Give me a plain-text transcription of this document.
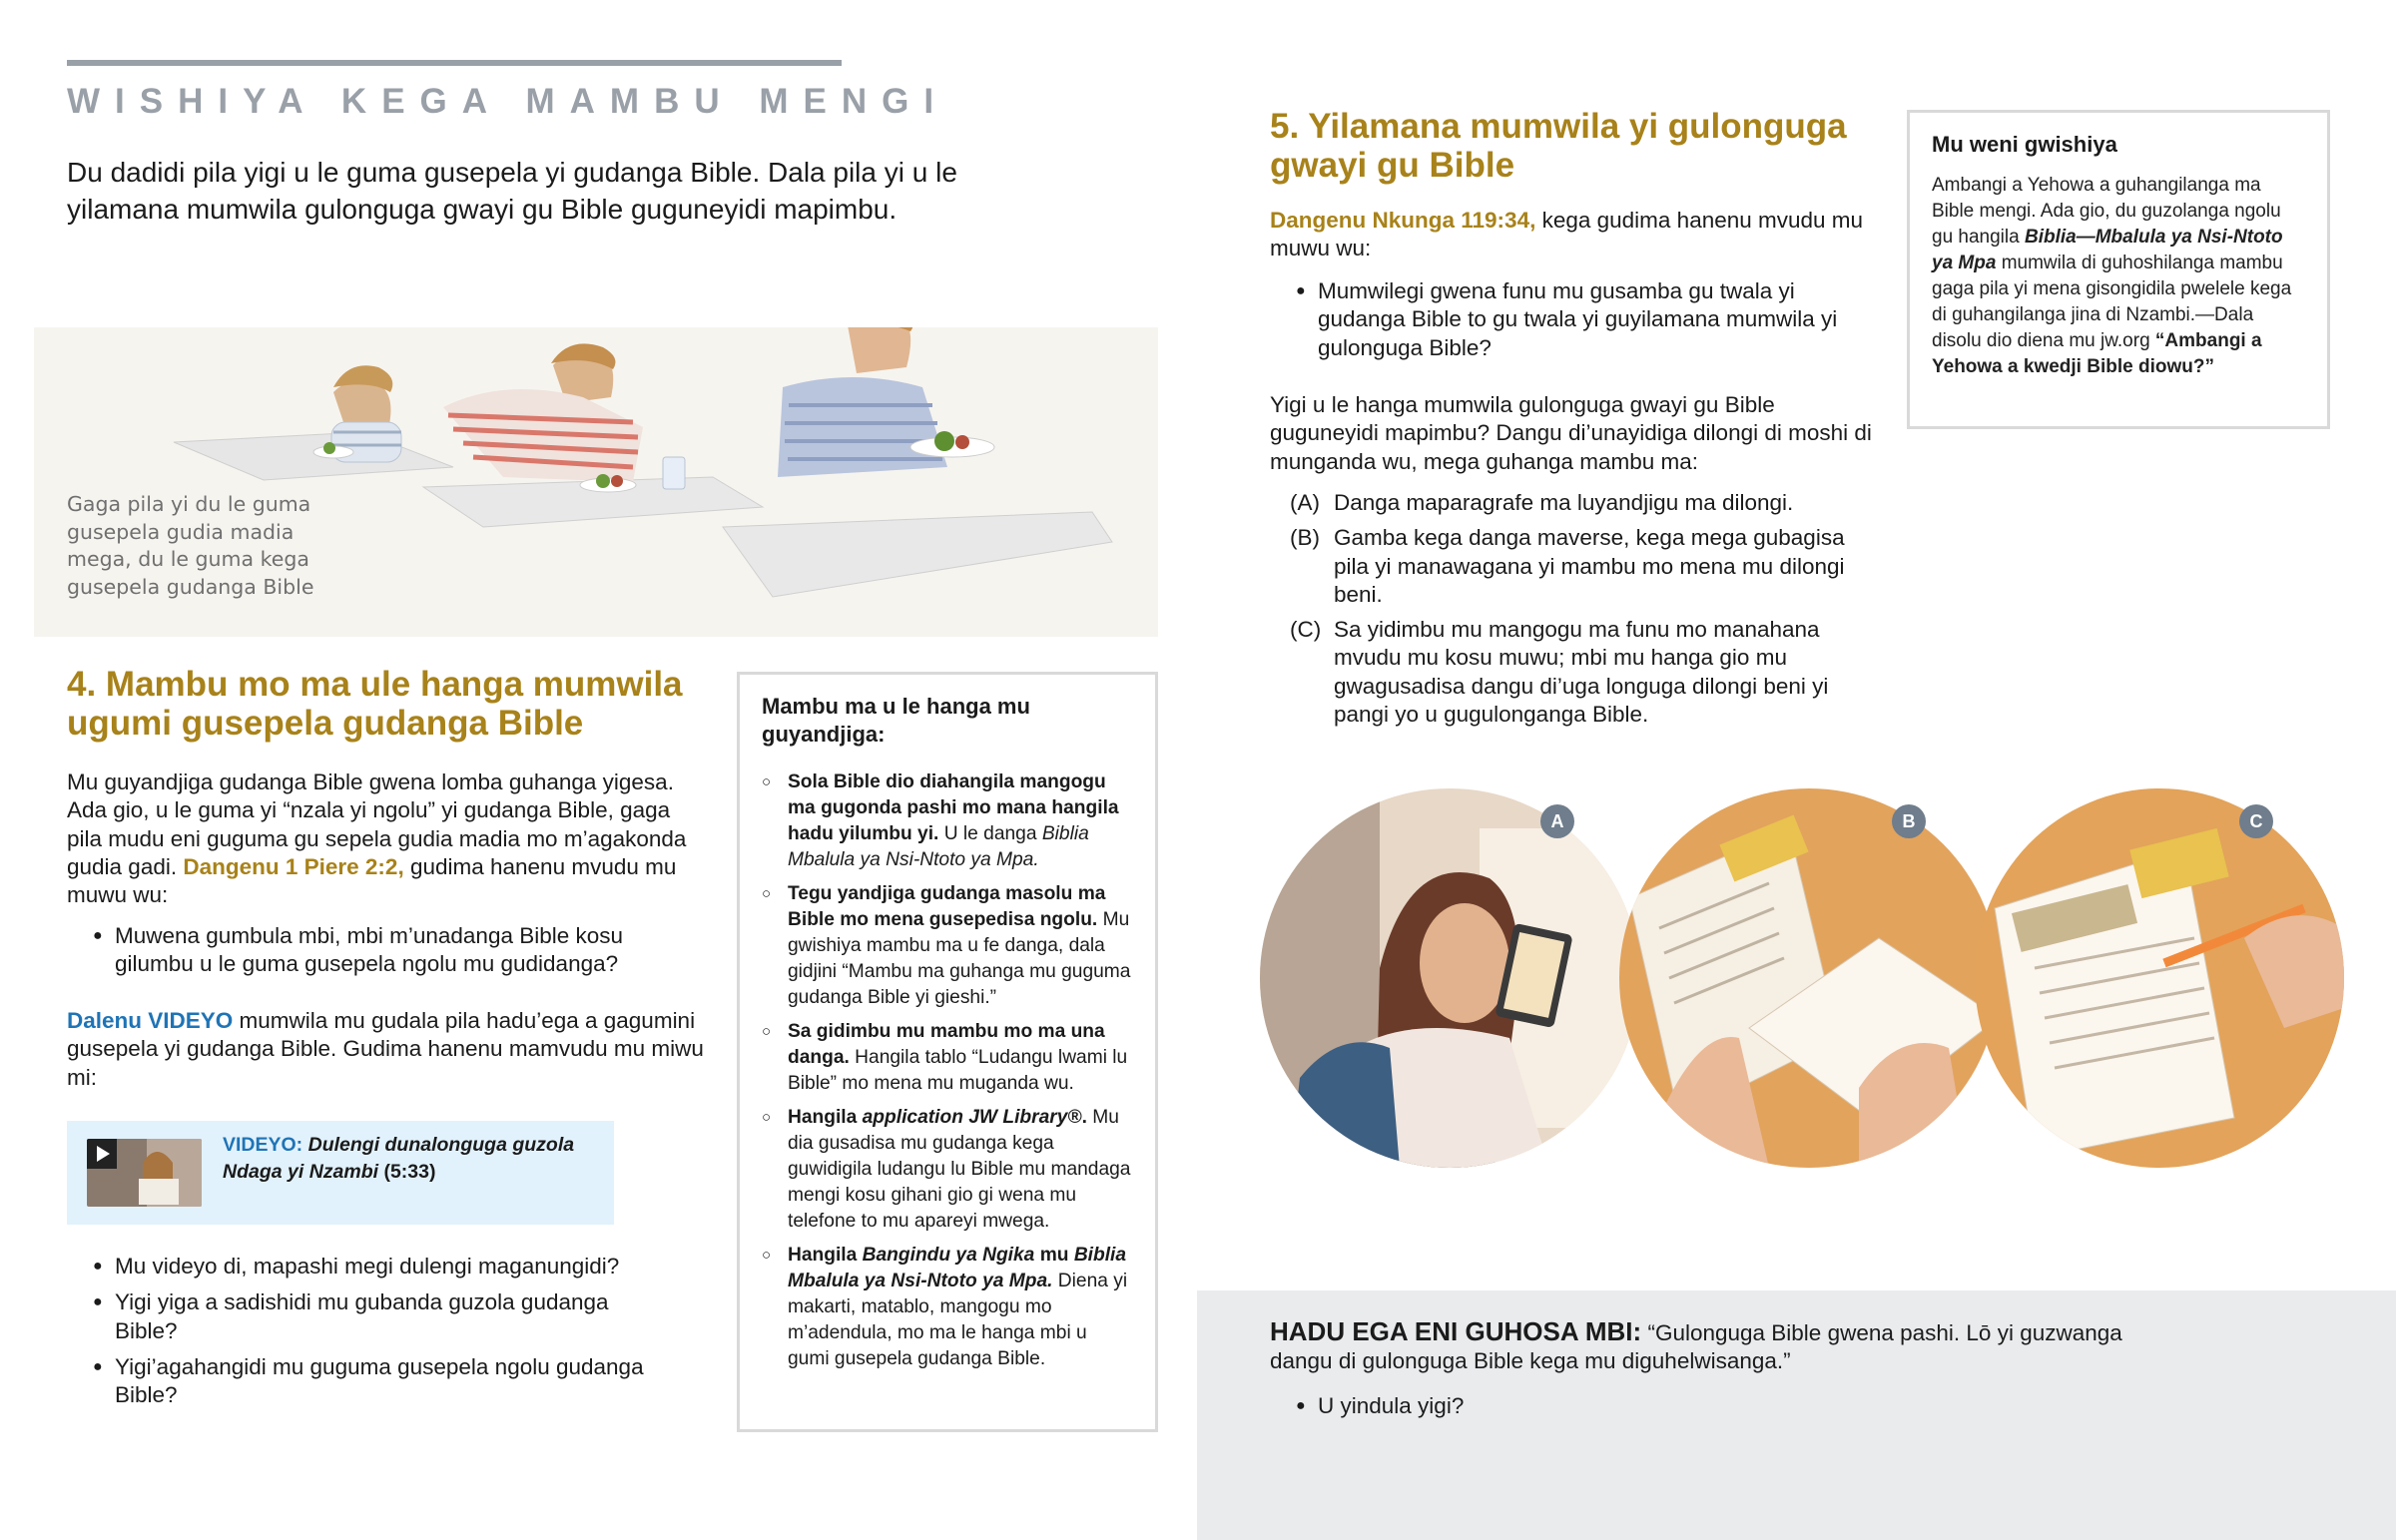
WISHIYA KEGA MAMBU MENGI
Du dadidi pila yigi u le guma gusepela yi gudanga Bible. Dala pila yi u le yilamana mumwila gulonguga gwayi gu Bible guguneyidi mapimbu.
Gaga pila yi du le guma gusepela gudia madia mega, du le guma kega gusepela gudanga Bible
4. Mambu mo ma ule hanga mumwila ugumi gusepela gudanga Bible
Mu guyandjiga gudanga Bible gwena lomba guhanga yigesa. Ada gio, u le guma yi “nzala yi ngolu” yi gudanga Bible, gaga pila mudu eni guguma gu sepela gudia madia mo m’agakonda gudia gadi. Dangenu 1 Piere 2:2, gudima hanenu mvudu mu muwu wu:
● Muwena gumbula mbi, mbi m’unadanga Bible kosu gilumbu u le guma gusepela ngolu mu gudidanga?
Dalenu VIDEYO mumwila mu gudala pila hadu’ega a gagumini gusepela yi gudanga Bible. Gudima hanenu mamvudu mu miwu mi:
VIDEYO: Dulengi dunalonguga guzola Ndaga yi Nzambi (5:33)
● Mu videyo di, mapashi megi dulengi maganungidi?
● Yigi yiga a sadishidi mu gubanda guzola gudanga Bible?
● Yigi’agahangidi mu guguma gusepela ngolu gudanga Bible?
Mambu ma u le hanga mu guyandjiga:
○ Sola Bible dio diahangila mangogu ma gugonda pashi mo mana hangila hadu yilumbu yi. U le danga Biblia Mbalula ya Nsi-Ntoto ya Mpa.
○ Tegu yandjiga gudanga masolu ma Bible mo mena gusepedisa ngolu. Mu gwishiya mambu ma u fe danga, dala gidjini “Mambu ma guhanga mu guguma gudanga Bible yi gieshi.”
○ Sa gidimbu mu mambu mo ma una danga. Hangila tablo “Ludangu lwami lu Bible” mo mena mu muganda wu.
○ Hangila application JW Library®. Mu dia gusadisa mu gudanga kega guwidigila ludangu lu Bible mu mandaga mengi kosu gihani gio gi wena mu telefone to mu apareyi mwega.
○ Hangila Bangindu ya Ngika mu Biblia Mbalula ya Nsi-Ntoto ya Mpa. Diena yi makarti, matablo, mangogu mo m’adendula, mo ma le hanga mbi u gumi gusepela gudanga Bible.
5. Yilamana mumwila yi gulonguga gwayi gu Bible
Dangenu Nkunga 119:34, kega gudima hanenu mvudu mu muwu wu:
● Mumwilegi gwena funu mu gusamba gu twala yi gudanga Bible to gu twala yi guyilamana mumwila yi gulonguga Bible?
Yigi u le hanga mumwila gulonguga gwayi gu Bible guguneyidi mapimbu? Dangu di’unayidiga dilongi di moshi di munganda wu, mega guhanga mambu ma:
(A) Danga maparagrafe ma luyandjigu ma dilongi.
(B) Gamba kega danga maverse, kega mega gubagisa pila yi manawagana yi mambu mo mena mu dilongi beni.
(C) Sa yidimbu mu mangogu ma funu mo manahana mvudu mu kosu muwu; mbi mu hanga gio mu gwagusadisa dangu di’uga longuga dilongi beni yi pangi yo u gugulonganga Bible.
Mu weni gwishiya
Ambangi a Yehowa a guhangilanga ma Bible mengi. Ada gio, du guzolanga ngolu gu hangila Biblia—Mbalula ya Nsi-Ntoto ya Mpa mumwila di guhoshilanga mambu gaga pila yi mena gisongidila pwelele kega di guhangilanga jina di Nzambi.—Dala disolu dio diena mu jw.org “Ambangi a Yehowa a kwedji Bible diowu?”
A	B	C
HADU EGA ENI GUHOSA MBI: “Gulonguga Bible gwena pashi. Lō yi guzwanga dangu di gulonguga Bible kega mu diguhelwisanga.”
● U yindula yigi?
